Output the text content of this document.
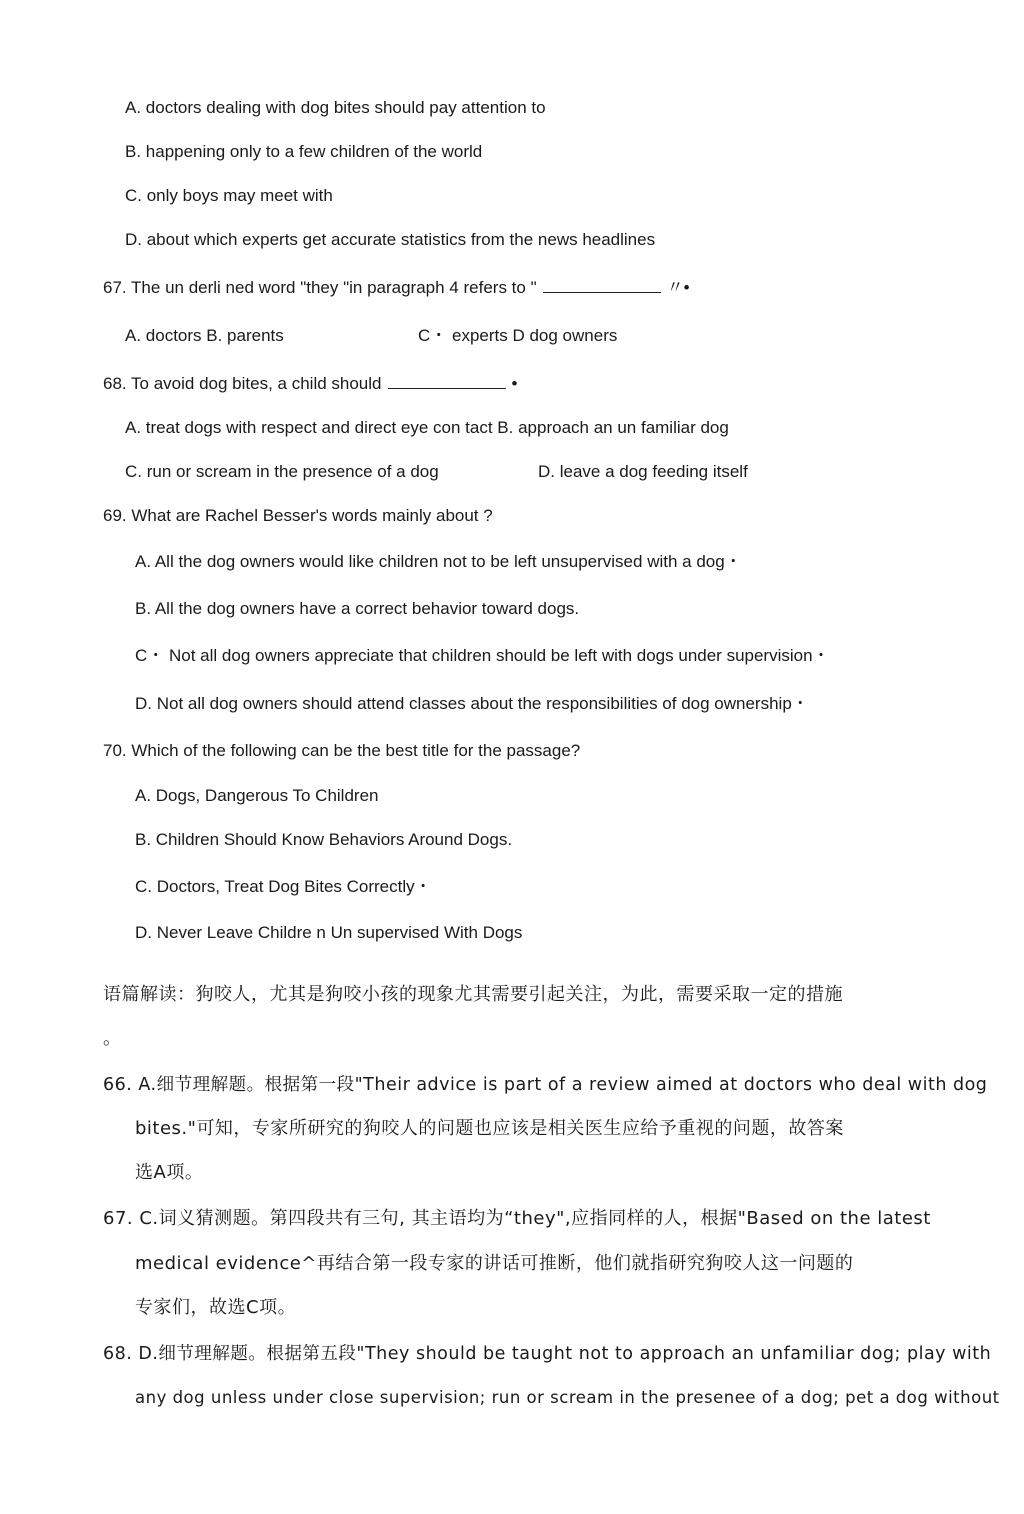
A. doctors dealing with dog bites should pay attention to
B. happening only to a few children of the world
C. only boys may meet with
D. about which experts get accurate statistics from the news headlines
67. The un derli ned word "they "in paragraph 4 refers to "	〃•
A. doctors B. parents	C・ experts D dog owners
68. To avoid dog bites, a child should	•
A. treat dogs with respect and direct eye con tact B. approach an un familiar dog
C. run or scream in the presence of a dog	D. leave a dog feeding itself
69. What are Rachel Besser's words mainly about ?
A. All the dog owners would like children not to be left unsupervised with a dog・
B. All the dog owners have a correct behavior toward dogs.
C・ Not all dog owners appreciate that children should be left with dogs under supervision・
D. Not all dog owners should attend classes about the responsibilities of dog ownership・
70. Which of the following can be the best title for the passage?
A. Dogs, Dangerous To Children
B. Children Should Know Behaviors Around Dogs.
C. Doctors, Treat Dog Bites Correctly・
D. Never Leave Childre n Un supervised With Dogs
语篇解读：狗咬人，尤其是狗咬小孩的现象尤其需要引起关注，为此，需要采取一定的措施
。
66. A.细节理解题。根据第一段"Their advice is part of a review aimed at doctors who deal with dog
bites."可知，专家所研究的狗咬人的问题也应该是相关医生应给予重视的问题，故答案
选A项。
67. C.词义猜测题。第四段共有三句, 其主语均为“they",应指同样的人，根据"Based on the latest
medical evidence^再结合第一段专家的讲话可推断，他们就指研究狗咬人这一问题的
专家们，故选C项。
68. D.细节理解题。根据第五段"They should be taught not to approach an unfamiliar dog; play with
any dog unless under close supervision; run or scream in the presenee of a dog; pet a dog without
